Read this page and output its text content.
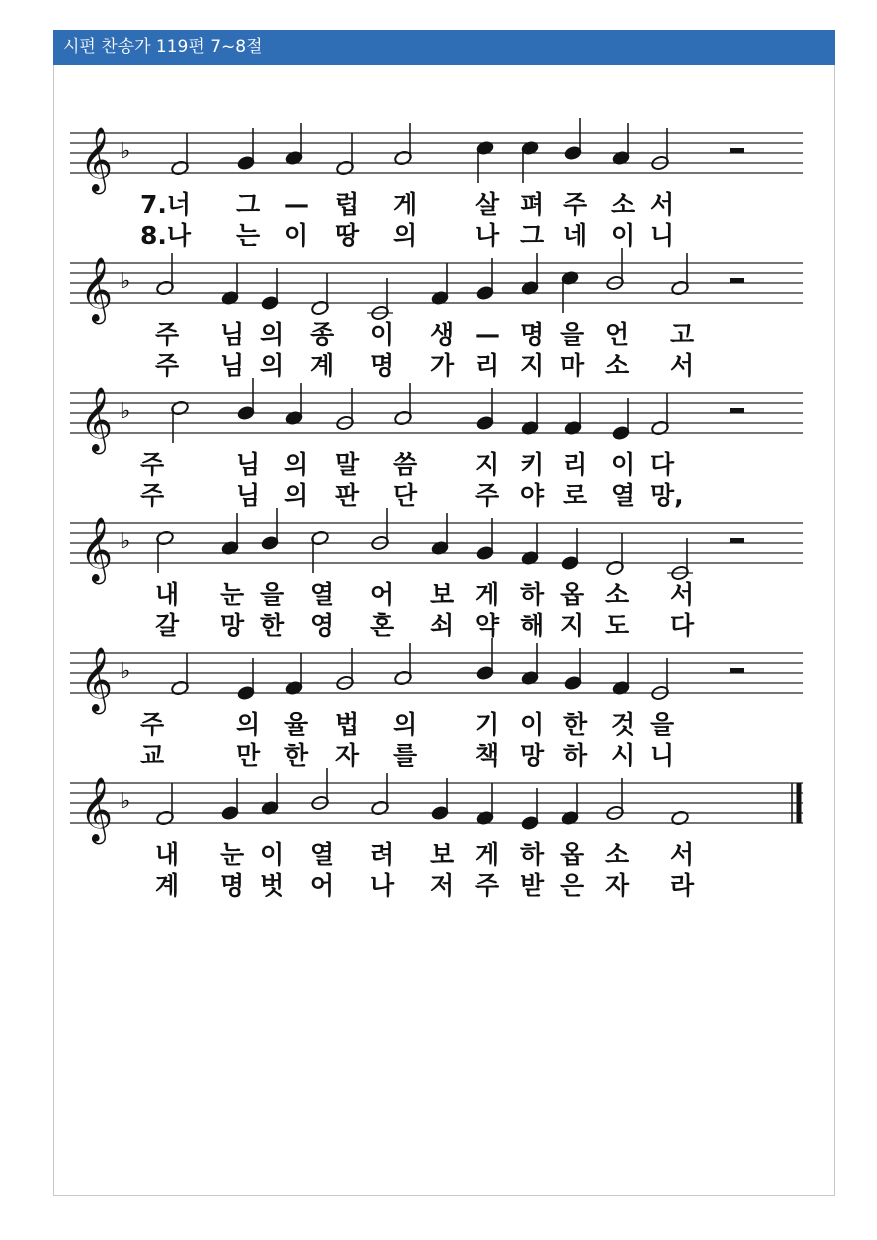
시편 찬송가 119편 7~8절
𝄞 ♭
7.너 그 — 럽 게 살 펴 주 소 서
8.나 는 이 땅 의 나 그 네 이 니
𝄞 ♭
주 님 의 종 이 생 — 명 을 언 고
주 님 의 계 명 가 리 지 마 소 서
𝄞 ♭
주	님 의 말 씀 지 키 리 이 다
주	님 의 판 단 주 야 로 열 망,
𝄞 ♭
내 눈 을 열 어 보 게 하 옵 소 서
갈 망 한 영 혼 쇠 약 해 지 도 다
𝄞 ♭
주	의 율 법 의 기 이 한 것 을
교	만 한 자 를 책 망 하 시 니
𝄞 ♭
내 눈 이 열 려 보 게 하 옵 소 서
계 명 벗 어 나 저 주 받 은 자 라
